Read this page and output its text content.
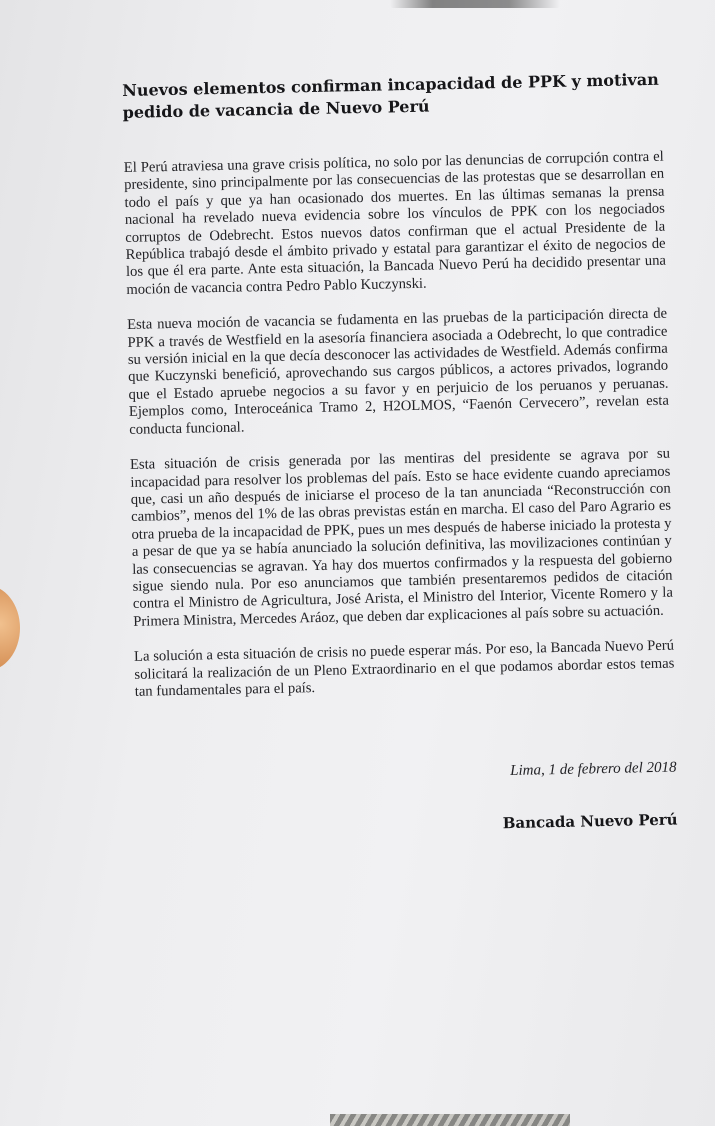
Nuevos elementos confirman incapacidad de PPK y motivan pedido de vacancia de Nuevo Perú

El Perú atraviesa una grave crisis política, no solo por las denuncias de corrupción contra el presidente, sino principalmente por las consecuencias de las protestas que se desarrollan en todo el país y que ya han ocasionado dos muertes. En las últimas semanas la prensa nacional ha revelado nueva evidencia sobre los vínculos de PPK con los negociados corruptos de Odebrecht. Estos nuevos datos confirman que el actual Presidente de la República trabajó desde el ámbito privado y estatal para garantizar el éxito de negocios de los que él era parte. Ante esta situación, la Bancada Nuevo Perú ha decidido presentar una moción de vacancia contra Pedro Pablo Kuczynski.

Esta nueva moción de vacancia se fudamenta en las pruebas de la participación directa de PPK a través de Westfield en la asesoría financiera asociada a Odebrecht, lo que contradice su versión inicial en la que decía desconocer las actividades de Westfield. Además confirma que Kuczynski benefició, aprovechando sus cargos públicos, a actores privados, logrando que el Estado apruebe negocios a su favor y en perjuicio de los peruanos y peruanas. Ejemplos como, Interoceánica Tramo 2, H2OLMOS, “Faenón Cervecero”, revelan esta conducta funcional.

Esta situación de crisis generada por las mentiras del presidente se agrava por su incapacidad para resolver los problemas del país. Esto se hace evidente cuando apreciamos que, casi un año después de iniciarse el proceso de la tan anunciada “Reconstrucción con cambios”, menos del 1% de las obras previstas están en marcha. El caso del Paro Agrario es otra prueba de la incapacidad de PPK, pues un mes después de haberse iniciado la protesta y a pesar de que ya se había anunciado la solución definitiva, las movilizaciones continúan y las consecuencias se agravan. Ya hay dos muertos confirmados y la respuesta del gobierno sigue siendo nula. Por eso anunciamos que también presentaremos pedidos de citación contra el Ministro de Agricultura, José Arista, el Ministro del Interior, Vicente Romero y la Primera Ministra, Mercedes Aráoz, que deben dar explicaciones al país sobre su actuación.

La solución a esta situación de crisis no puede esperar más. Por eso, la Bancada Nuevo Perú solicitará la realización de un Pleno Extraordinario en el que podamos abordar estos temas tan fundamentales para el país.

Lima, 1 de febrero del 2018
Bancada Nuevo Perú
